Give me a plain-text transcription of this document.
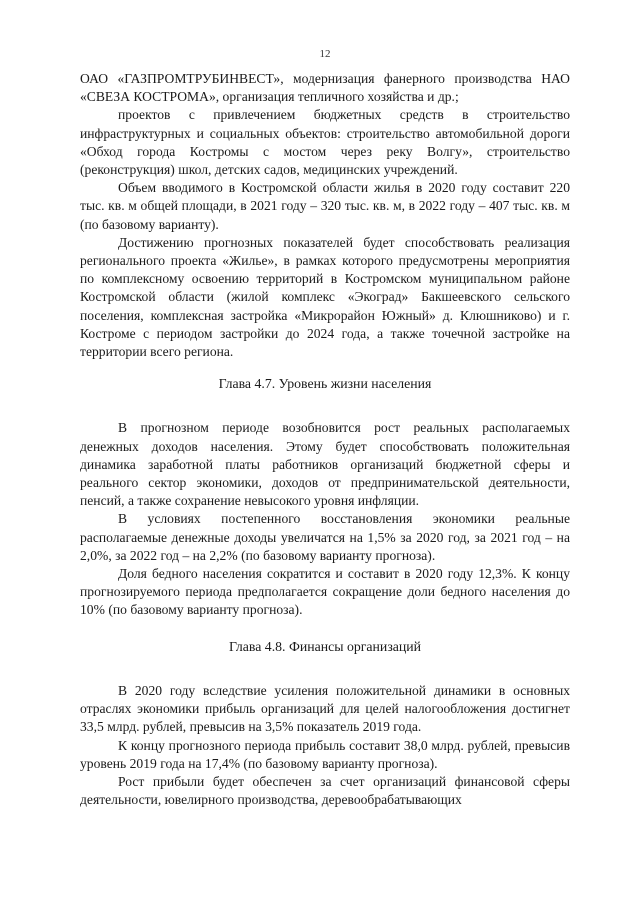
12

ОАО «ГАЗПРОМТРУБИНВЕСТ», модернизация фанерного производства НАО «СВЕЗА КОСТРОМА», организация тепличного хозяйства и др.;

проектов с привлечением бюджетных средств в строительство инфраструктурных и социальных объектов: строительство автомобильной дороги «Обход города Костромы с мостом через реку Волгу», строительство (реконструкция) школ, детских садов, медицинских учреждений.

Объем вводимого в Костромской области жилья в 2020 году составит 220 тыс. кв. м общей площади, в 2021 году – 320 тыс. кв. м, в 2022 году – 407 тыс. кв. м (по базовому варианту).

Достижению прогнозных показателей будет способствовать реализация регионального проекта «Жилье», в рамках которого предусмотрены мероприятия по комплексному освоению территорий в Костромском муниципальном районе Костромской области (жилой комплекс «Экоград» Бакшеевского сельского поселения, комплексная застройка «Микрорайон Южный» д. Клюшниково) и г. Костроме с периодом застройки до 2024 года, а также точечной застройке на территории всего региона.

Глава 4.7. Уровень жизни населения

В прогнозном периоде возобновится рост реальных располагаемых денежных доходов населения. Этому будет способствовать положительная динамика заработной платы работников организаций бюджетной сферы и реального сектор экономики, доходов от предпринимательской деятельности, пенсий, а также сохранение невысокого уровня инфляции.

В условиях постепенного восстановления экономики реальные располагаемые денежные доходы увеличатся на 1,5% за 2020 год, за 2021 год – на 2,0%, за 2022 год – на 2,2% (по базовому варианту прогноза).

Доля бедного населения сократится и составит в 2020 году 12,3%. К концу прогнозируемого периода предполагается сокращение доли бедного населения до 10% (по базовому варианту прогноза).

Глава 4.8. Финансы организаций

В 2020 году вследствие усиления положительной динамики в основных отраслях экономики прибыль организаций для целей налогообложения достигнет 33,5 млрд. рублей, превысив на 3,5% показатель 2019 года.

К концу прогнозного периода прибыль составит 38,0 млрд. рублей, превысив уровень 2019 года на 17,4% (по базовому варианту прогноза).

Рост прибыли будет обеспечен за счет организаций финансовой сферы деятельности, ювелирного производства, деревообрабатывающих
